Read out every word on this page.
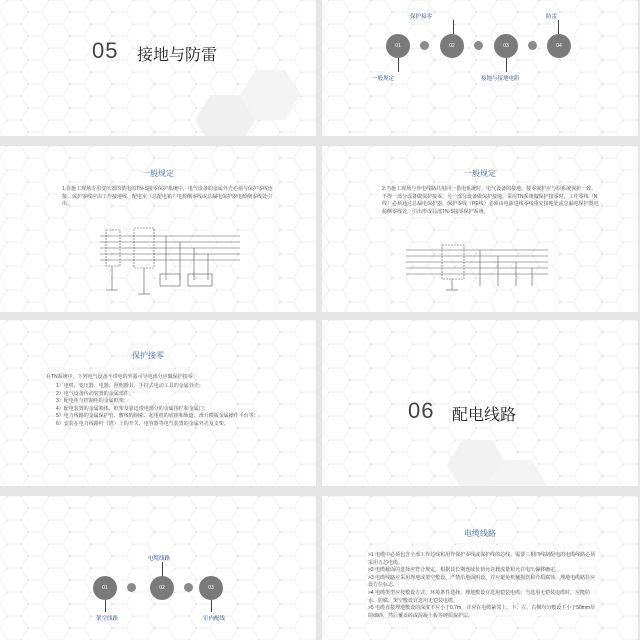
05 接地与防雷
保护接零	防雷
01	02	03	04
一般规定	接地与接地电阻
一般规定
1.在施工现场专用变压器的供电的TN-S接零保护系统中，电气设备的金属外壳必须与保护零线连接。保护零线应由工作接地线、配电室（总配电箱）电源侧零线或总漏电保护器电源侧零线处引出。
一般规定
2.当施工现场与外电线路共用同一供电系统时，电气设备的接地、接零保护应与原系统保护一致。不得一部分设备做保护接零，另一部分设备做保护接地。采用TN系统做保护接零时，工作零线（N线）必须通过总漏电保护器，保护零线（PE线）必须由电源进线零线重复接地处或总漏电保护器电源侧零线处，引出形成局部TN-S接零保护系统。
保护接零
在TN系统中，下列电气设备不带电的外露可导电部分应做保护接零：
1）电机、变压器、电器、照明器具、手持式电动工具的金属外壳；
2）电气设备传动装置的金属部件；
3）配电柜与控制柜的金属框架；
4）配电装置的金属箱体、框架及靠近带电部分的金属围栏和金属门；
5）电力线路的金属保护管、敷线的钢索、起重机的底座和轨道、滑升模板金属操作平台等；
6）安装在电力线路杆（塔）上的开关、电容器等电气装置的金属外壳及支架。
06 配电线路
电缆线路
01	02	03
架空线路	室内配线
电缆线路
>1 电缆中必须包含全部工作芯线和用作保护零线或保护线的芯线。需要三相四线制配电的电缆线路必须采用五芯电缆。
>2 电缆截面的选择应符合规定，根据其长期连续负荷允许载流量和允许电压偏移确定。
>3 电缆线路应采用埋地或架空敷设，严禁沿地面明设，并应避免机械损伤和介质腐蚀。埋地电缆路径应设方位标志。
>4 电缆类型应按敷设方式、环境条件选择。埋地敷设宜选用铠装电缆；当选用无铠装电缆时，应能防水、防腐。架空敷设宜选用无铠装电缆。
>5 电缆直接埋地敷设的深度不应小于0.7m，并应在电缆紧邻上、下、左、右侧均匀敷设不小于50mm厚的细砂，然后覆盖砖或混凝土板等硬质保护层。
